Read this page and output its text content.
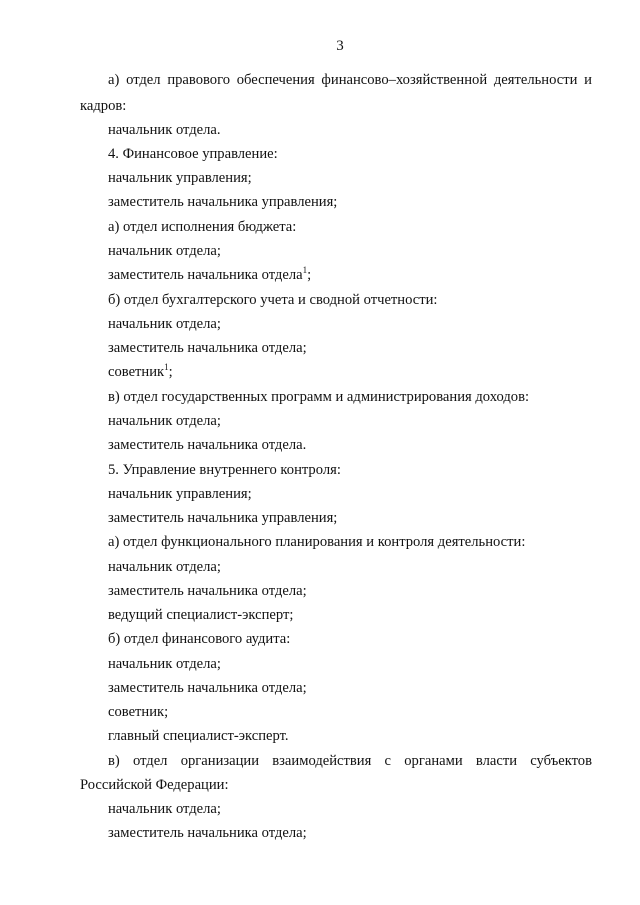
3
а) отдел правового обеспечения финансово–хозяйственной деятельности и
кадров:
начальник отдела.
4. Финансовое управление:
начальник управления;
заместитель начальника управления;
а) отдел исполнения бюджета:
начальник отдела;
заместитель начальника отдела$^1$;
б) отдел бухгалтерского учета и сводной отчетности:
начальник отдела;
заместитель начальника отдела;
советник$^1$;
в) отдел государственных программ и администрирования доходов:
начальник отдела;
заместитель начальника отдела.
5. Управление внутреннего контроля:
начальник управления;
заместитель начальника управления;
а) отдел функционального планирования и контроля деятельности:
начальник отдела;
заместитель начальника отдела;
ведущий специалист-эксперт;
б) отдел финансового аудита:
начальник отдела;
заместитель начальника отдела;
советник;
главный специалист-эксперт.
в) отдел организации взаимодействия с органами власти субъектов
Российской Федерации:
начальник отдела;
заместитель начальника отдела;
